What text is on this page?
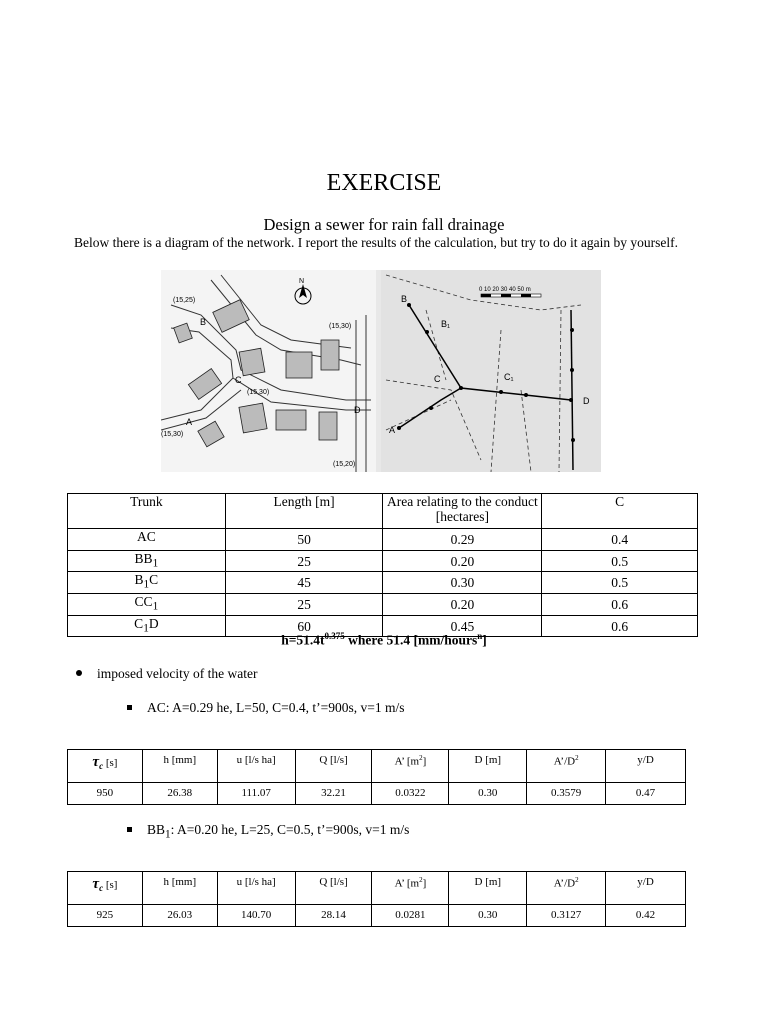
EXERCISE
Design a sewer for rain fall drainage
Below there is a diagram of the network. I report the results of the calculation, but try to do it again by yourself.
(15,25)
(15,30)
(15,30)
(15,30)
(15,20)
B
C
D
A
N
B
B₁
C	C₁
D
A
0 10 20 30 40 50 m
Trunk	Length [m]	Area relating to the conduct [hectares]	C
AC	50	0.29	0.4
$BB_1$	25	0.20	0.5
$B_1C$	45	0.30	0.5
$CC_1$	25	0.20	0.6
$C_1D$	60	0.45	0.6
$h=51.4t^{0.375}$ where 51.4 [mm/hours$^n$]
imposed velocity of the water
AC: A=0.29 he, L=50, C=0.4, t’=900s, v=1 m/s
$\tau_c$ [s]	h [mm]	u [l/s ha]	Q [l/s]	A’ $[m^2]$	D [m]	$A’/D^2$	y/D
950	26.38	111.07	32.21	0.0322	0.30	0.3579	0.47
$BB_1$: A=0.20 he, L=25, C=0.5, t’=900s, v=1 m/s
$\tau_c$ [s]	h [mm]	u [l/s ha]	Q [l/s]	A’ $[m^2]$	D [m]	$A’/D^2$	y/D
925	26.03	140.70	28.14	0.0281	0.30	0.3127	0.42
